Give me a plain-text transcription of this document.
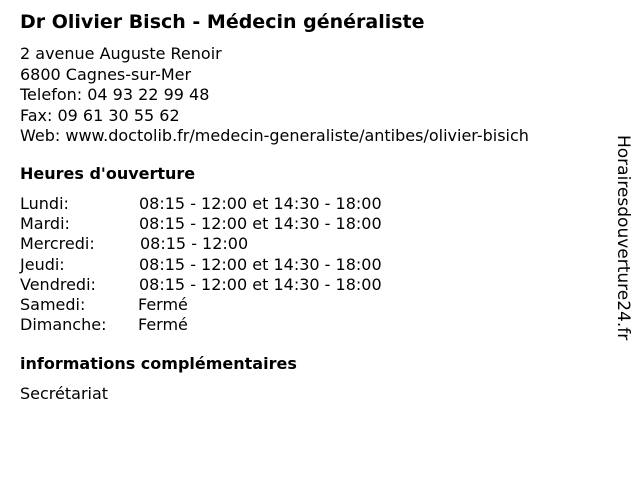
Dr Olivier Bisch - Médecin généraliste
2 avenue Auguste Renoir
6800 Cagnes-sur-Mer
Telefon: 04 93 22 99 48
Fax: 09 61 30 55 62
Web: www.doctolib.fr/medecin-generaliste/antibes/olivier-bisich
Heures d'ouverture
Lundi:	08:15 - 12:00 et 14:30 - 18:00
Mardi:	08:15 - 12:00 et 14:30 - 18:00
Mercredi:	08:15 - 12:00
Jeudi:	08:15 - 12:00 et 14:30 - 18:00
Vendredi:	08:15 - 12:00 et 14:30 - 18:00
Samedi:	Fermé
Dimanche: Fermé
informations complémentaires
Secrétariat
Horairesdouverture24.fr
